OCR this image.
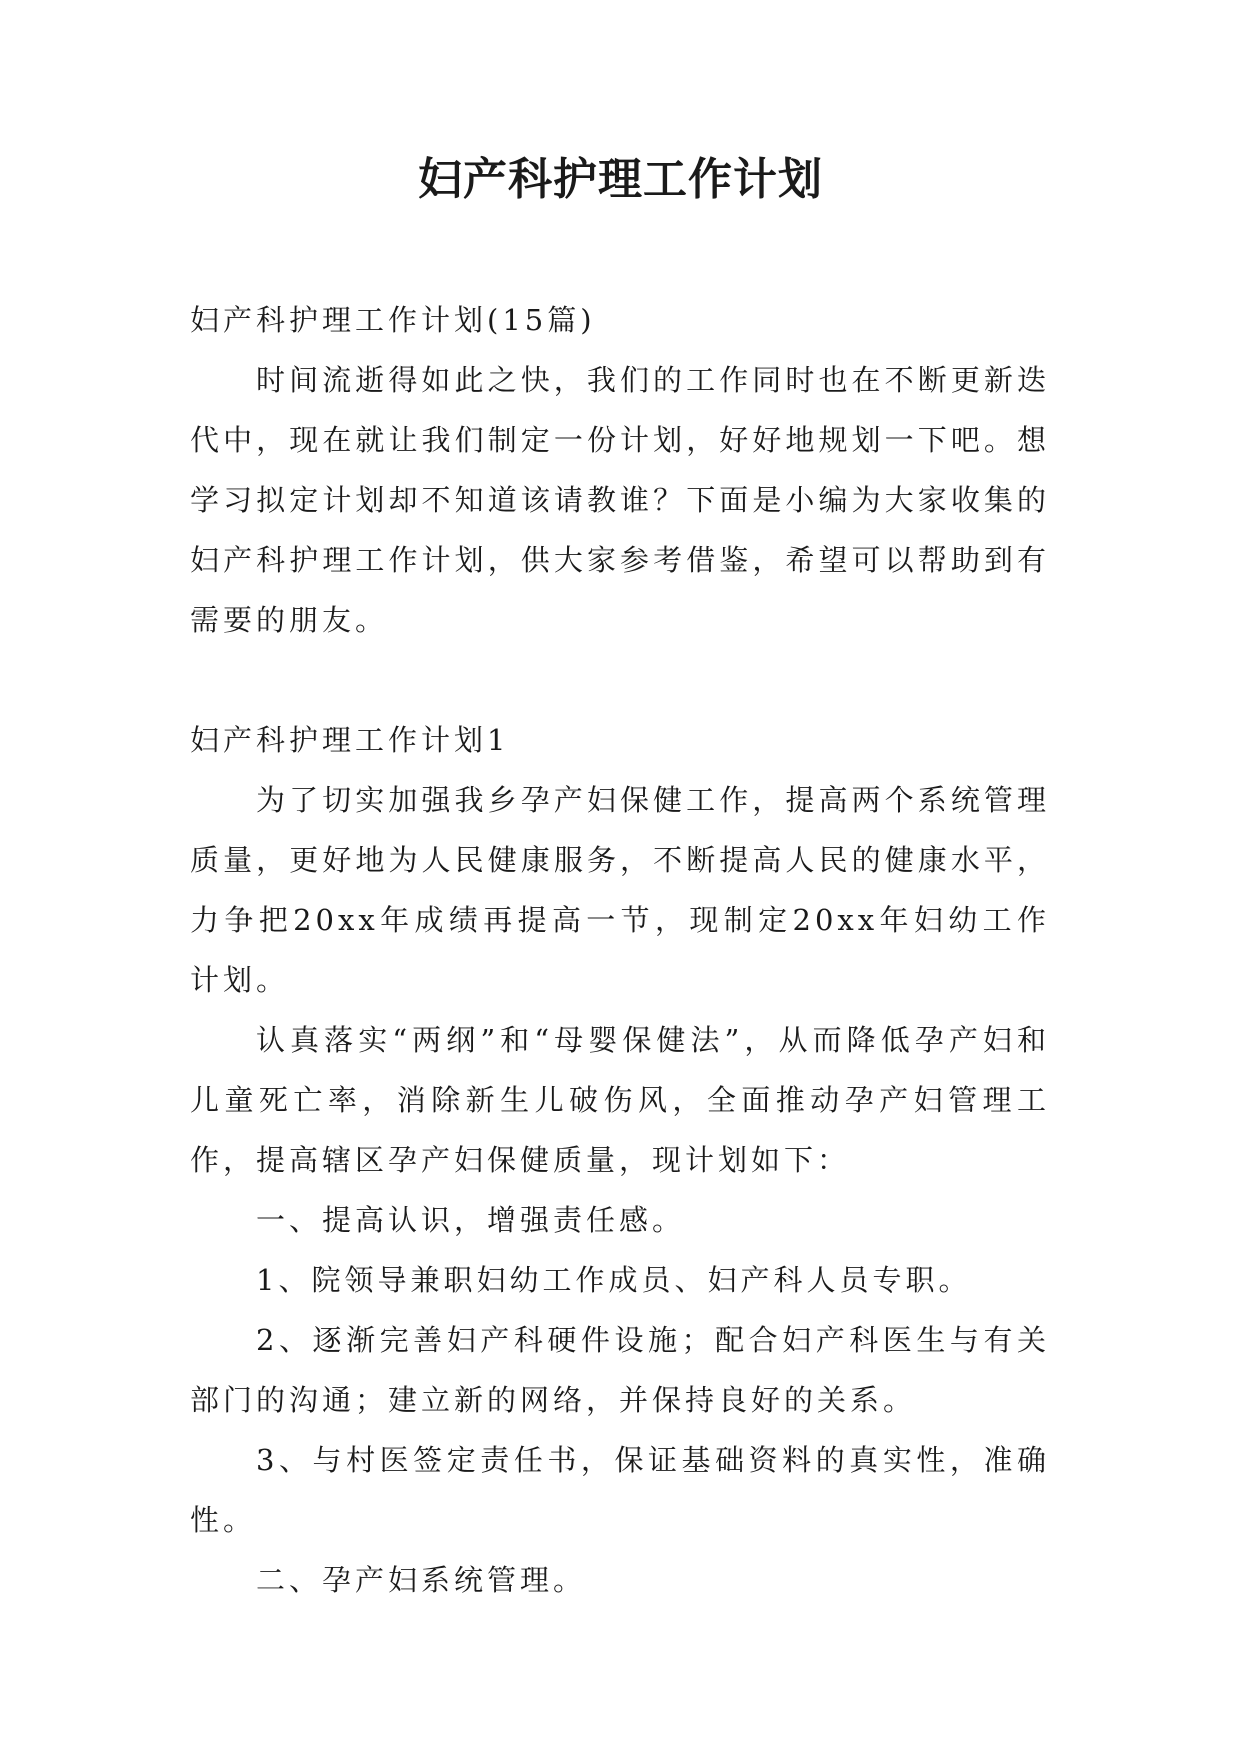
妇产科护理工作计划

妇产科护理工作计划(15篇)

时间流逝得如此之快，我们的工作同时也在不断更新迭代中，现在就让我们制定一份计划，好好地规划一下吧。想学习拟定计划却不知道该请教谁？下面是小编为大家收集的妇产科护理工作计划，供大家参考借鉴，希望可以帮助到有需要的朋友。

妇产科护理工作计划1

为了切实加强我乡孕产妇保健工作，提高两个系统管理质量，更好地为人民健康服务，不断提高人民的健康水平，力争把20xx年成绩再提高一节，现制定20xx年妇幼工作计划。

认真落实“两纲”和“母婴保健法”，从而降低孕产妇和儿童死亡率，消除新生儿破伤风，全面推动孕产妇管理工作，提高辖区孕产妇保健质量，现计划如下：

一、提高认识，增强责任感。

1、院领导兼职妇幼工作成员、妇产科人员专职。

2、逐渐完善妇产科硬件设施；配合妇产科医生与有关部门的沟通；建立新的网络，并保持良好的关系。

3、与村医签定责任书，保证基础资料的真实性，准确性。

二、孕产妇系统管理。
